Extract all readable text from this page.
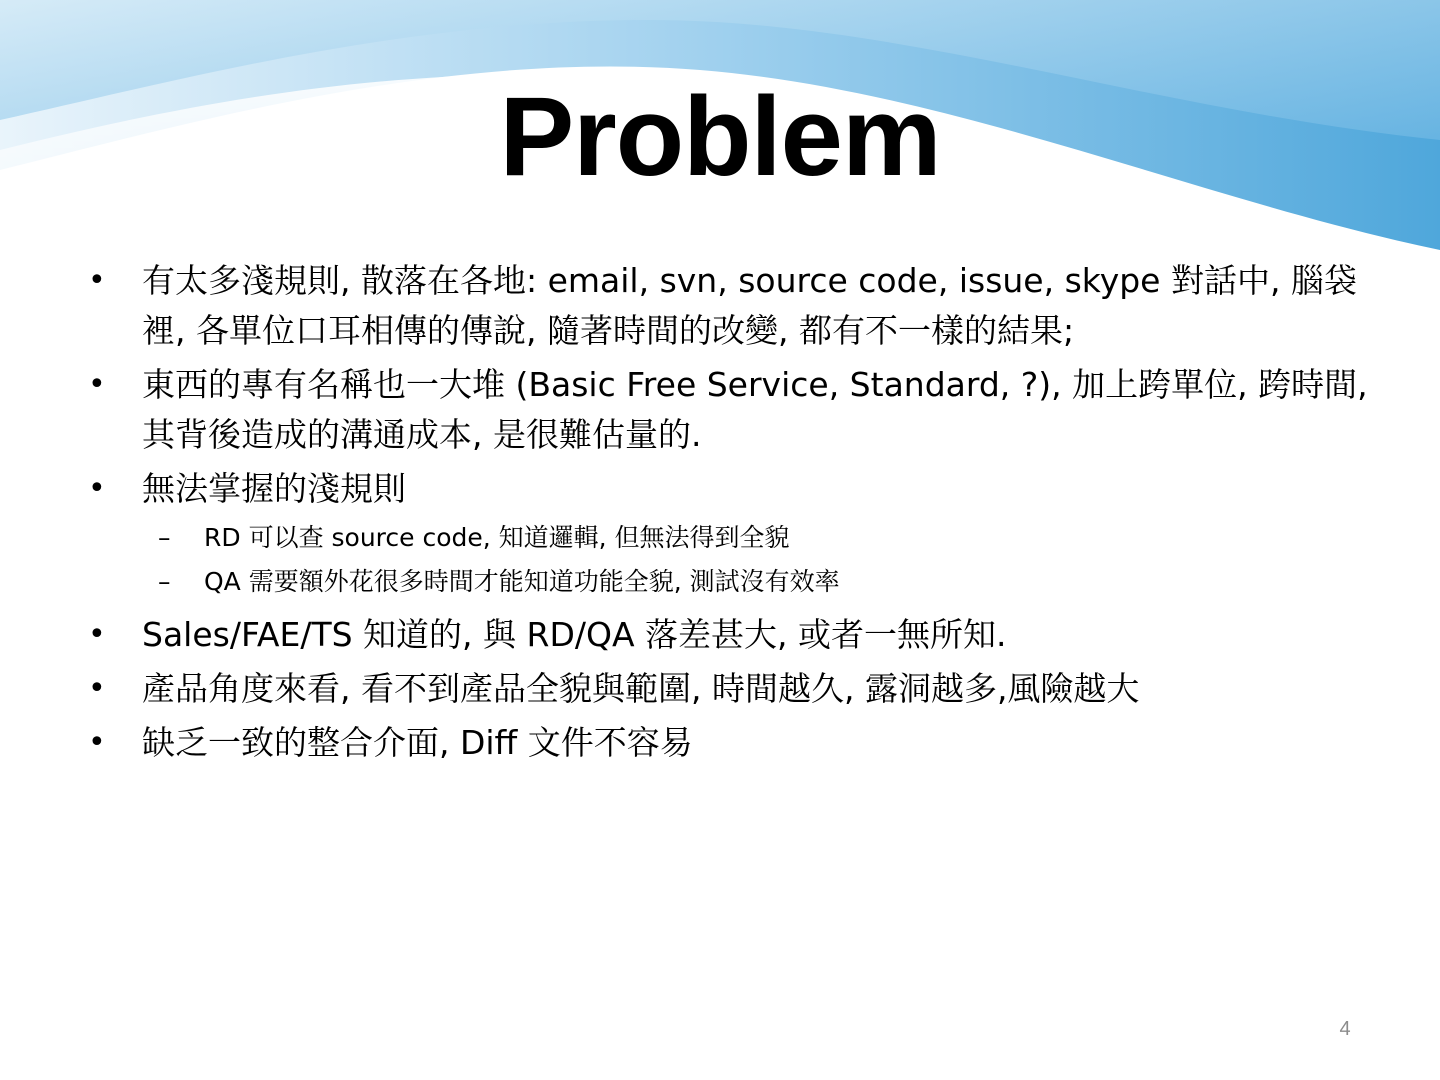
Problem
•	有太多淺規則, 散落在各地: email, svn, source code, issue, skype 對話中, 腦袋裡, 各單位口耳相傳的傳說, 隨著時間的改變, 都有不一樣的結果;
•	東西的專有名稱也一大堆 (Basic Free Service, Standard, ?), 加上跨單位, 跨時間, 其背後造成的溝通成本, 是很難估量的.
•	無法掌握的淺規則
– RD 可以查 source code, 知道邏輯, 但無法得到全貌
– QA 需要額外花很多時間才能知道功能全貌, 測試沒有效率
•	Sales/FAE/TS 知道的, 與 RD/QA 落差甚大, 或者一無所知.
•	產品角度來看, 看不到產品全貌與範圍, 時間越久, 露洞越多,風險越大
•	缺乏一致的整合介面, Diff 文件不容易
4
